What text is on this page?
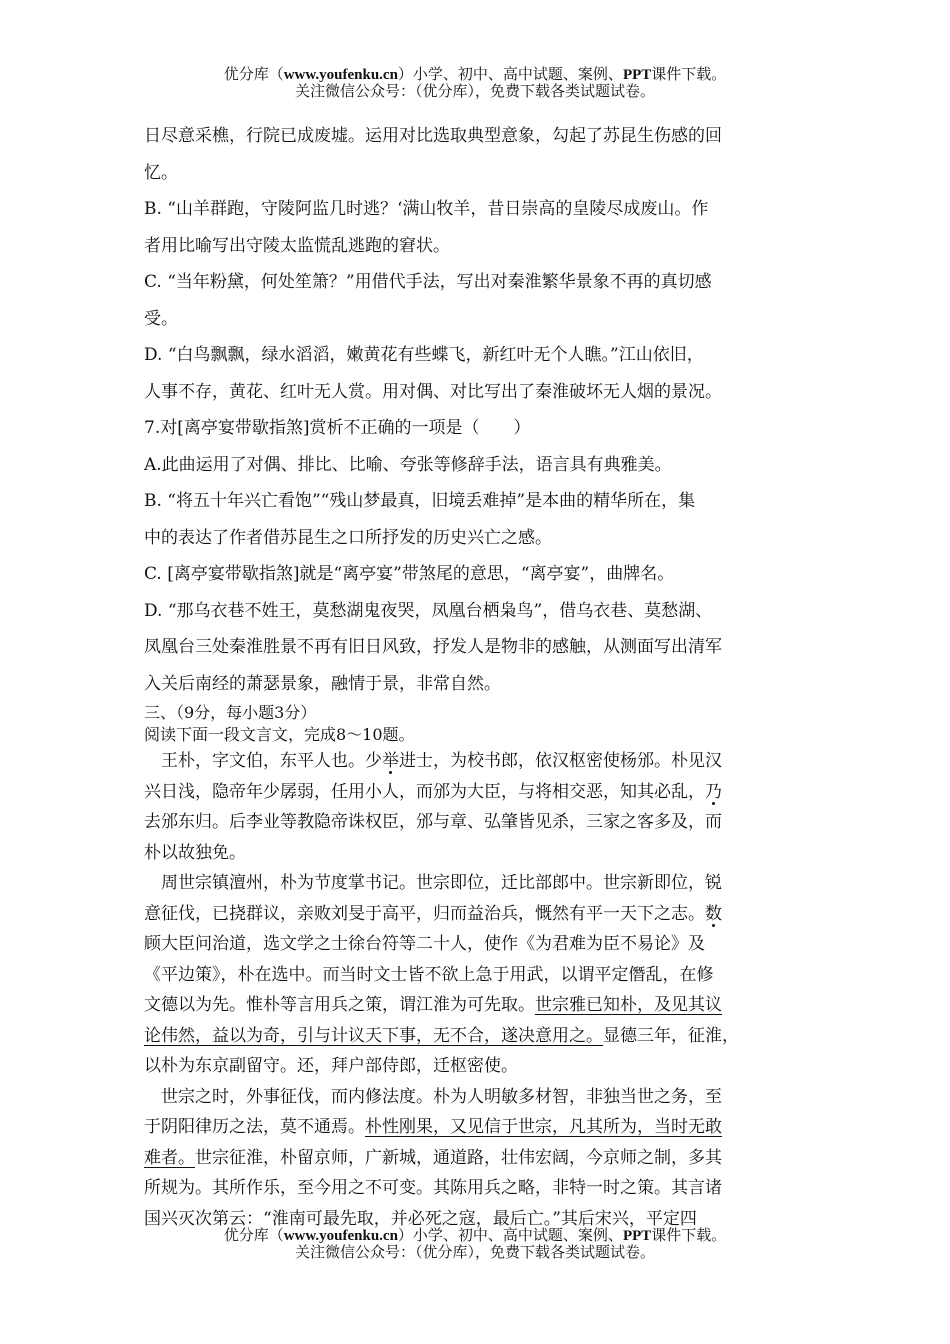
优分库（www.youfenku.cn）小学、初中、高中试题、案例、PPT课件下载。
关注微信公众号：（优分库），免费下载各类试题试卷。

日尽意采樵，行院已成废墟。运用对比选取典型意象，勾起了苏昆生伤感的回

忆。

B. “山羊群跑，守陵阿监几时逃？‘满山牧羊，昔日崇高的皇陵尽成废山。作

者用比喻写出守陵太监慌乱逃跑的窘状。

C. “当年粉黛，何处笙箫？”用借代手法，写出对秦淮繁华景象不再的真切感

受。

D. “白鸟飘飘，绿水滔滔，嫩黄花有些蝶飞，新红叶无个人瞧。”江山依旧，

人事不存，黄花、红叶无人赏。用对偶、对比写出了秦淮破坏无人烟的景况。

7.对[离亭宴带歇指煞]赏析不正确的一项是（　　）

A.此曲运用了对偶、排比、比喻、夸张等修辞手法，语言具有典雅美。

B. “将五十年兴亡看饱”“残山梦最真，旧境丢难掉”是本曲的精华所在，集

中的表达了作者借苏昆生之口所抒发的历史兴亡之感。

C. [离亭宴带歇指煞]就是“离亭宴”带煞尾的意思，“离亭宴”，曲牌名。

D. “那乌衣巷不姓王，莫愁湖鬼夜哭，凤凰台栖枭鸟”，借乌衣巷、莫愁湖、

凤凰台三处秦淮胜景不再有旧日风致，抒发人是物非的感触，从测面写出清军

入关后南经的萧瑟景象，融情于景，非常自然。

三、（9分，每小题3分）

阅读下面一段文言文，完成8～10题。

　王朴，字文伯，东平人也。少举进士，为校书郎，依汉枢密使杨邠。朴见汉

兴日浅，隐帝年少孱弱，任用小人，而邠为大臣，与将相交恶，知其必乱，乃

去邠东归。后李业等教隐帝诛权臣，邠与章、弘肇皆见杀，三家之客多及，而

朴以故独免。

　周世宗镇澶州，朴为节度掌书记。世宗即位，迁比部郎中。世宗新即位，锐

意征伐，已挠群议，亲败刘旻于高平，归而益治兵，慨然有平一天下之志。数

顾大臣问治道，选文学之士徐台符等二十人，使作《为君难为臣不易论》及

《平边策》，朴在选中。而当时文士皆不欲上急于用武，以谓平定僭乱，在修

文德以为先。惟朴等言用兵之策，谓江淮为可先取。世宗雅已知朴，及见其议

论伟然，益以为奇，引与计议天下事，无不合，遂决意用之。显德三年，征淮，

以朴为东京副留守。还，拜户部侍郎，迁枢密使。

　世宗之时，外事征伐，而内修法度。朴为人明敏多材智，非独当世之务，至

于阴阳律历之法，莫不通焉。朴性刚果，又见信于世宗，凡其所为，当时无敢

难者。世宗征淮，朴留京师，广新城，通道路，壮伟宏阔，今京师之制，多其

所规为。其所作乐，至今用之不可变。其陈用兵之略，非特一时之策。其言诸

国兴灭次第云：“淮南可最先取，并必死之寇，最后亡。”其后宋兴，平定四

优分库（www.youfenku.cn）小学、初中、高中试题、案例、PPT课件下载。
关注微信公众号：（优分库），免费下载各类试题试卷。
